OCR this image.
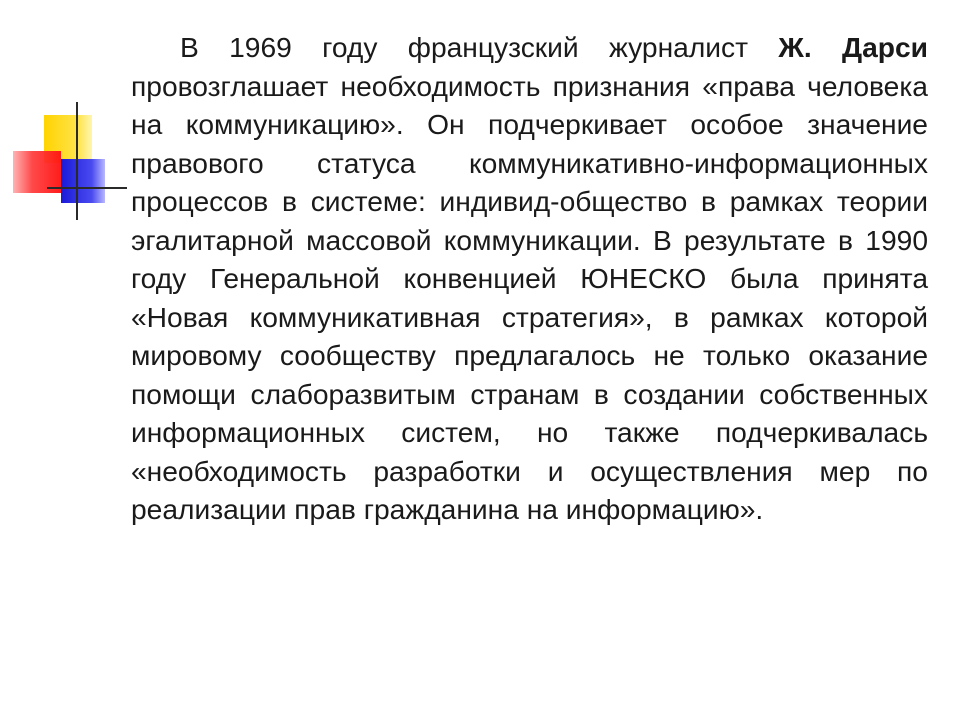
В 1969 году французский журналист Ж. Дарси провозглашает необходимость признания «права человека на коммуникацию». Он подчеркивает особое значение правового статуса коммуникативно-информационных процессов в системе: индивид-общество в рамках теории эгалитарной массовой коммуникации. В результате в 1990 году Генеральной конвенцией ЮНЕСКО была принята «Новая коммуникативная стратегия», в рамках которой мировому сообществу предлагалось не только оказание помощи слаборазвитым странам в создании собственных информационных систем, но также подчеркивалась «необходимость разработки и осуществления мер по реализации прав гражданина на информацию».
